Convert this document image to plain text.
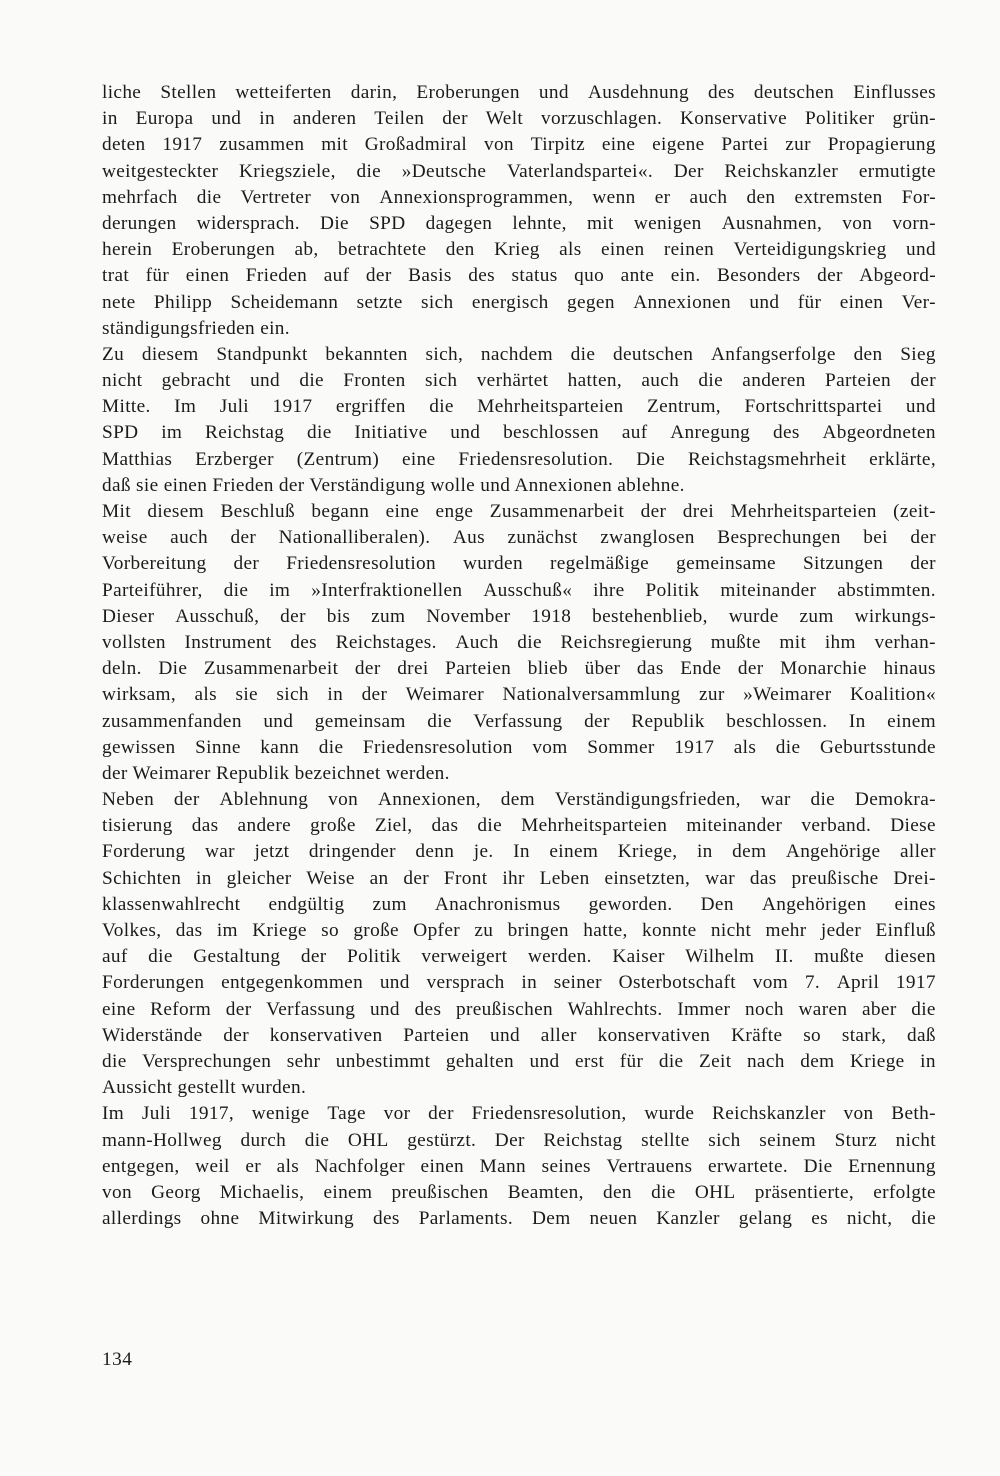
liche Stellen wetteiferten darin, Eroberungen und Ausdehnung des deutschen Einflusses
in Europa und in anderen Teilen der Welt vorzuschlagen. Konservative Politiker grün-
deten 1917 zusammen mit Großadmiral von Tirpitz eine eigene Partei zur Propagierung
weitgesteckter Kriegsziele, die »Deutsche Vaterlandspartei«. Der Reichskanzler ermutigte
mehrfach die Vertreter von Annexionsprogrammen, wenn er auch den extremsten For-
derungen widersprach. Die SPD dagegen lehnte, mit wenigen Ausnahmen, von vorn-
herein Eroberungen ab, betrachtete den Krieg als einen reinen Verteidigungskrieg und
trat für einen Frieden auf der Basis des status quo ante ein. Besonders der Abgeord-
nete Philipp Scheidemann setzte sich energisch gegen Annexionen und für einen Ver-
ständigungsfrieden ein.
Zu diesem Standpunkt bekannten sich, nachdem die deutschen Anfangserfolge den Sieg
nicht gebracht und die Fronten sich verhärtet hatten, auch die anderen Parteien der
Mitte. Im Juli 1917 ergriffen die Mehrheitsparteien Zentrum, Fortschrittspartei und
SPD im Reichstag die Initiative und beschlossen auf Anregung des Abgeordneten
Matthias Erzberger (Zentrum) eine Friedensresolution. Die Reichstagsmehrheit erklärte,
daß sie einen Frieden der Verständigung wolle und Annexionen ablehne.
Mit diesem Beschluß begann eine enge Zusammenarbeit der drei Mehrheitsparteien (zeit-
weise auch der Nationalliberalen). Aus zunächst zwanglosen Besprechungen bei der
Vorbereitung der Friedensresolution wurden regelmäßige gemeinsame Sitzungen der
Parteiführer, die im »Interfraktionellen Ausschuß« ihre Politik miteinander abstimmten.
Dieser Ausschuß, der bis zum November 1918 bestehenblieb, wurde zum wirkungs-
vollsten Instrument des Reichstages. Auch die Reichsregierung mußte mit ihm verhan-
deln. Die Zusammenarbeit der drei Parteien blieb über das Ende der Monarchie hinaus
wirksam, als sie sich in der Weimarer Nationalversammlung zur »Weimarer Koalition«
zusammenfanden und gemeinsam die Verfassung der Republik beschlossen. In einem
gewissen Sinne kann die Friedensresolution vom Sommer 1917 als die Geburtsstunde
der Weimarer Republik bezeichnet werden.
Neben der Ablehnung von Annexionen, dem Verständigungsfrieden, war die Demokra-
tisierung das andere große Ziel, das die Mehrheitsparteien miteinander verband. Diese
Forderung war jetzt dringender denn je. In einem Kriege, in dem Angehörige aller
Schichten in gleicher Weise an der Front ihr Leben einsetzten, war das preußische Drei-
klassenwahlrecht endgültig zum Anachronismus geworden. Den Angehörigen eines
Volkes, das im Kriege so große Opfer zu bringen hatte, konnte nicht mehr jeder Einfluß
auf die Gestaltung der Politik verweigert werden. Kaiser Wilhelm II. mußte diesen
Forderungen entgegenkommen und versprach in seiner Osterbotschaft vom 7. April 1917
eine Reform der Verfassung und des preußischen Wahlrechts. Immer noch waren aber die
Widerstände der konservativen Parteien und aller konservativen Kräfte so stark, daß
die Versprechungen sehr unbestimmt gehalten und erst für die Zeit nach dem Kriege in
Aussicht gestellt wurden.
Im Juli 1917, wenige Tage vor der Friedensresolution, wurde Reichskanzler von Beth-
mann-Hollweg durch die OHL gestürzt. Der Reichstag stellte sich seinem Sturz nicht
entgegen, weil er als Nachfolger einen Mann seines Vertrauens erwartete. Die Ernennung
von Georg Michaelis, einem preußischen Beamten, den die OHL präsentierte, erfolgte
allerdings ohne Mitwirkung des Parlaments. Dem neuen Kanzler gelang es nicht, die
134
